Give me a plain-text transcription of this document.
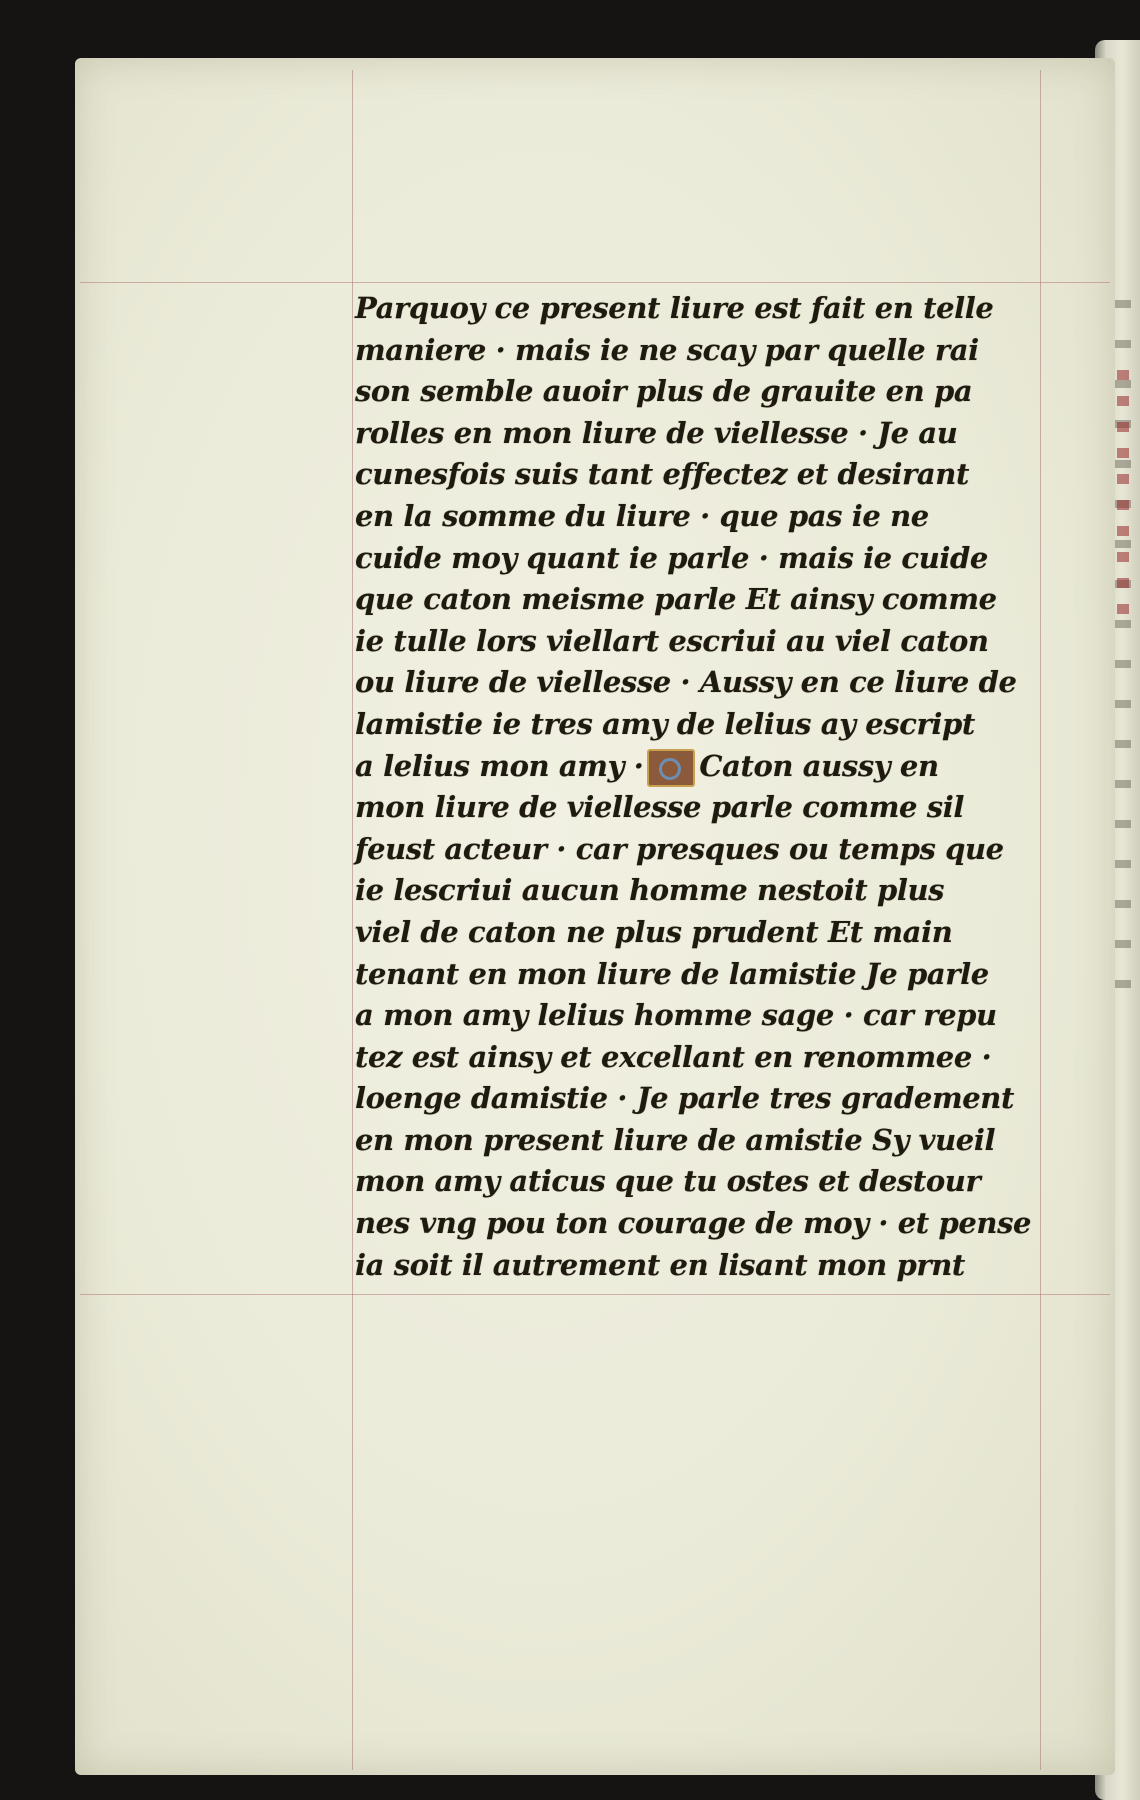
Parquoy ce present liure est fait en telle
maniere · mais ie ne scay par quelle rai
son semble auoir plus de grauite en pa
rolles en mon liure de viellesse · Je au
cunesfois suis tant effectez et desirant
en la somme du liure · que pas ie ne
cuide moy quant ie parle · mais ie cuide
que caton meisme parle Et ainsy comme
ie tulle lors viellart escriui au viel caton
ou liure de viellesse · Aussy en ce liure de
lamistie ie tres amy de lelius ay escript
a lelius mon amy · Caton aussy en
mon liure de viellesse parle comme sil
feust acteur · car presques ou temps que
ie lescriui aucun homme nestoit plus
viel de caton ne plus prudent Et main
tenant en mon liure de lamistie Je parle
a mon amy lelius homme sage · car repu
tez est ainsy et excellant en renommee ·
loenge damistie · Je parle tres gradement
en mon present liure de amistie Sy vueil
mon amy aticus que tu ostes et destour
nes vng pou ton courage de moy · et pense
ia soit il autrement en lisant mon prnt
